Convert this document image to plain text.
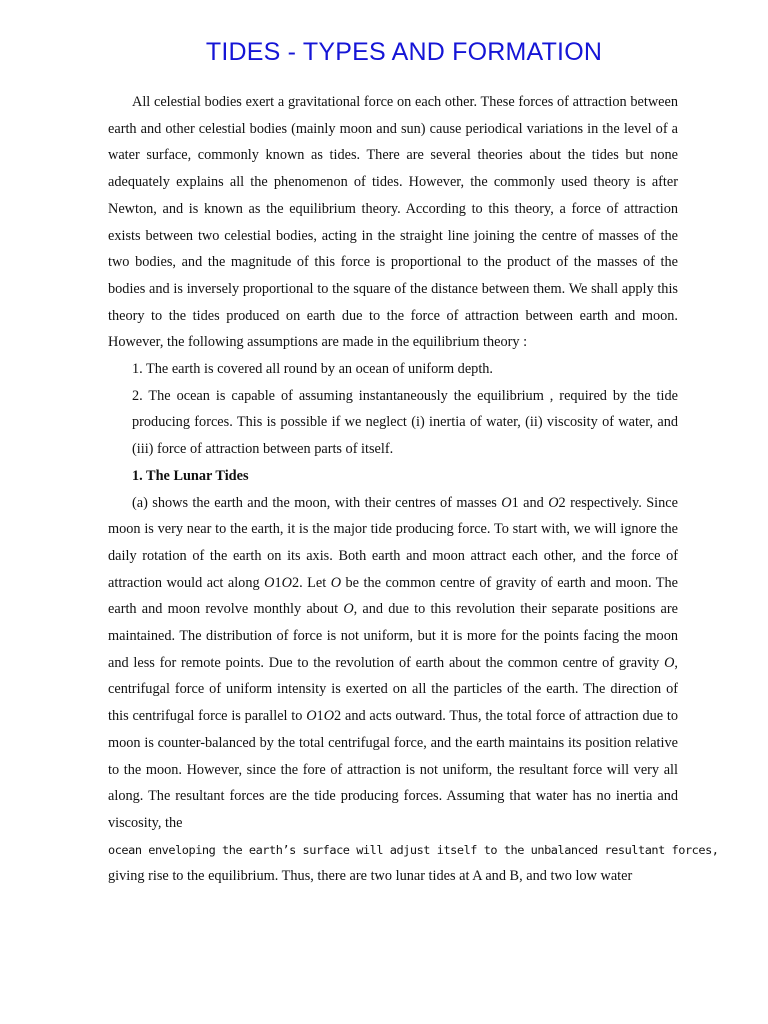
TIDES - TYPES AND FORMATION

All celestial bodies exert a gravitational force on each other. These forces of attraction between earth and other celestial bodies (mainly moon and sun) cause periodical variations in the level of a water surface, commonly known as tides. There are several theories about the tides but none adequately explains all the phenomenon of tides. However, the commonly used theory is after Newton, and is known as the equilibrium theory. According to this theory, a force of attraction exists between two celestial bodies, acting in the straight line joining the centre of masses of the two bodies, and the magnitude of this force is proportional to the product of the masses of the bodies and is inversely proportional to the square of the distance between them. We shall apply this theory to the tides produced on earth due to the force of attraction between earth and moon. However, the following assumptions are made in the equilibrium theory :

1. The earth is covered all round by an ocean of uniform depth.

2. The ocean is capable of assuming instantaneously the equilibrium , required by the tide producing forces. This is possible if we neglect (i) inertia of water, (ii) viscosity of water, and (iii) force of attraction between parts of itself.

1. The Lunar Tides

(a) shows the earth and the moon, with their centres of masses O1 and O2 respectively. Since moon is very near to the earth, it is the major tide producing force. To start with, we will ignore the daily rotation of the earth on its axis. Both earth and moon attract each other, and the force of attraction would act along O1O2. Let O be the common centre of gravity of earth and moon. The earth and moon revolve monthly about O, and due to this revolution their separate positions are maintained. The distribution of force is not uniform, but it is more for the points facing the moon and less for remote points. Due to the revolution of earth about the common centre of gravity O, centrifugal force of uniform intensity is exerted on all the particles of the earth. The direction of this centrifugal force is parallel to O1O2 and acts outward. Thus, the total force of attraction due to moon is counter-balanced by the total centrifugal force, and the earth maintains its position relative to the moon. However, since the fore of attraction is not uniform, the resultant force will very all along. The resultant forces are the tide producing forces. Assuming that water has no inertia and viscosity, the

ocean enveloping the earth’s surface will adjust itself to the unbalanced resultant forces,

giving rise to the equilibrium. Thus, there are two lunar tides at A and B, and two low water
